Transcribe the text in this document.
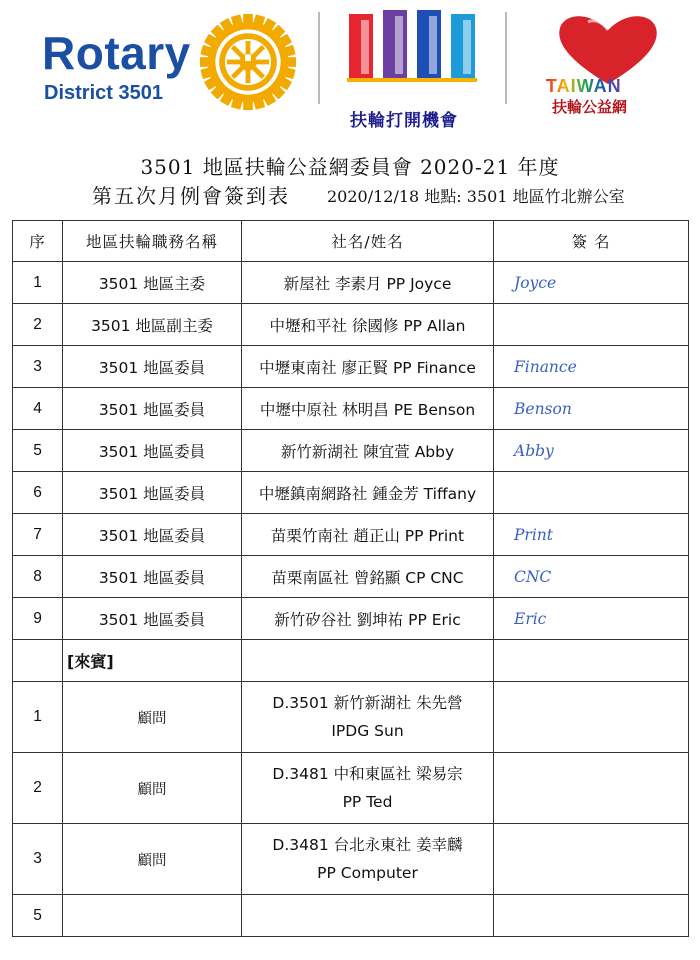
Rotary
District 3501
扶輪打開機會
TAIWAN
扶輪公益網
3501 地區扶輪公益網委員會 2020-21 年度
第五次月例會簽到表 2020/12/18 地點: 3501 地區竹北辦公室
序	地區扶輪職務名稱	社名/姓名	簽 名
1	3501 地區主委	新屋社 李素月 PP Joyce	Joyce
2	3501 地區副主委	中壢和平社 徐國修 PP Allan	
3	3501 地區委員	中壢東南社 廖正賢 PP Finance	Finance
4	3501 地區委員	中壢中原社 林明昌 PE Benson	Benson
5	3501 地區委員	新竹新湖社 陳宜萱 Abby	Abby
6	3501 地區委員	中壢鎮南網路社 鍾金芳 Tiffany	
7	3501 地區委員	苗栗竹南社 趙正山 PP Print	Print
8	3501 地區委員	苗栗南區社 曾銘顯 CP CNC	CNC
9	3501 地區委員	新竹矽谷社 劉坤祐 PP Eric	Eric
	[來賓]		
1	顧問	D.3501 新竹新湖社 朱先營
IPDG Sun	

2	顧問	D.3481 中和東區社 梁易宗
PP Ted	

3	顧問	D.3481 台北永東社 姜幸麟
PP Computer	

5			
